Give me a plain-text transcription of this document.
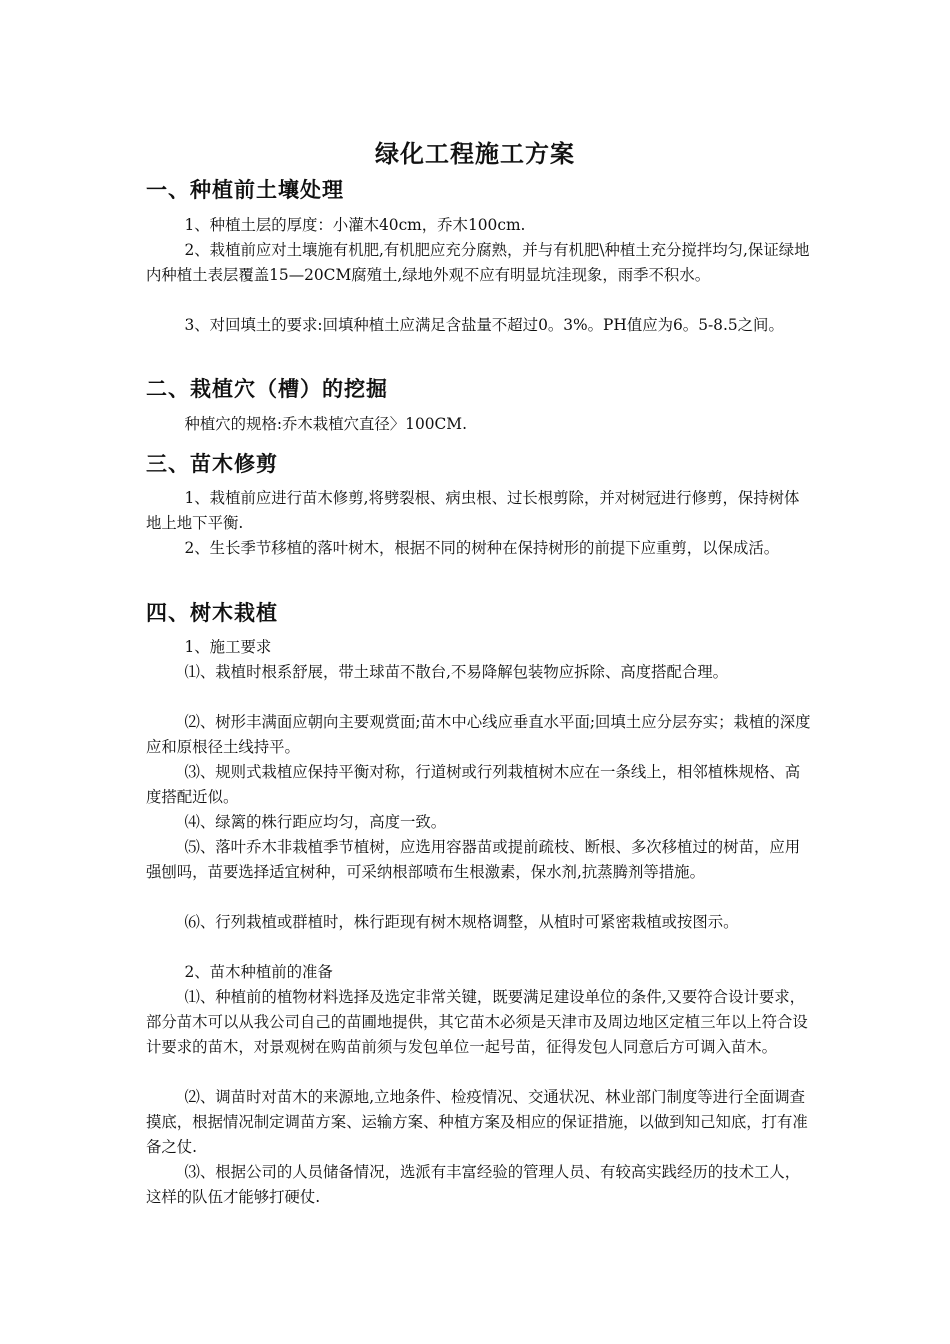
绿化工程施工方案
一、种植前土壤处理
1、种植土层的厚度：小灌木40cm，乔木100cm.
2、栽植前应对土壤施有机肥,有机肥应充分腐熟，并与有机肥\种植土充分搅拌均匀,保证绿地内种植土表层覆盖15—20CM腐殖土,绿地外观不应有明显坑洼现象，雨季不积水。
3、对回填土的要求:回填种植土应满足含盐量不超过0。3%。PH值应为6。5-8.5之间。
二、栽植穴（槽）的挖掘
种植穴的规格:乔木栽植穴直径〉100CM.
三、苗木修剪
1、栽植前应进行苗木修剪,将劈裂根、病虫根、过长根剪除，并对树冠进行修剪，保持树体地上地下平衡.
2、生长季节移植的落叶树木，根据不同的树种在保持树形的前提下应重剪，以保成活。
四、树木栽植
1、施工要求
⑴、栽植时根系舒展，带土球苗不散台,不易降解包装物应拆除、高度搭配合理。
⑵、树形丰满面应朝向主要观赏面;苗木中心线应垂直水平面;回填土应分层夯实；栽植的深度应和原根径土线持平。
⑶、规则式栽植应保持平衡对称，行道树或行列栽植树木应在一条线上，相邻植株规格、高度搭配近似。
⑷、绿篱的株行距应均匀，高度一致。
⑸、落叶乔木非栽植季节植树，应选用容器苗或提前疏枝、断根、多次移植过的树苗，应用强刨吗，苗要选择适宜树种，可采纳根部喷布生根激素，保水剂,抗蒸腾剂等措施。
⑹、行列栽植或群植时，株行距现有树木规格调整，从植时可紧密栽植或按图示。
2、苗木种植前的准备
⑴、种植前的植物材料选择及选定非常关键，既要满足建设单位的条件,又要符合设计要求，部分苗木可以从我公司自己的苗圃地提供，其它苗木必须是天津市及周边地区定植三年以上符合设计要求的苗木，对景观树在购苗前须与发包单位一起号苗，征得发包人同意后方可调入苗木。
⑵、调苗时对苗木的来源地,立地条件、检疫情况、交通状况、林业部门制度等进行全面调查摸底，根据情况制定调苗方案、运输方案、种植方案及相应的保证措施，以做到知己知底，打有准备之仗.
⑶、根据公司的人员储备情况，选派有丰富经验的管理人员、有较高实践经历的技术工人，这样的队伍才能够打硬仗.
